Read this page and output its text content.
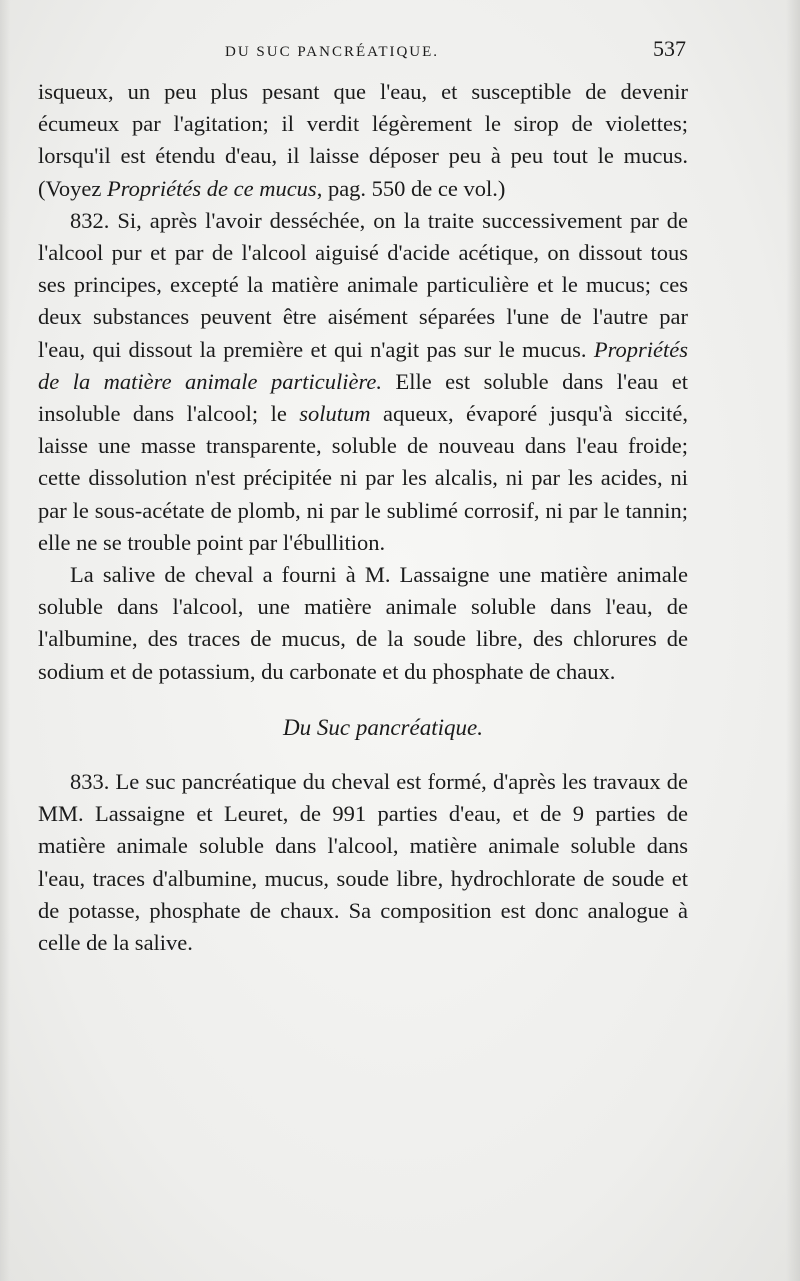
DU SUC PANCRÉATIQUE.	537

isqueux, un peu plus pesant que l'eau, et susceptible de devenir écumeux par l'agitation; il verdit légèrement le sirop de violettes; lorsqu'il est étendu d'eau, il laisse déposer peu à peu tout le mucus. (Voyez Propriétés de ce mucus, pag. 550 de ce vol.)

832. Si, après l'avoir desséchée, on la traite successivement par de l'alcool pur et par de l'alcool aiguisé d'acide acétique, on dissout tous ses principes, excepté la matière animale particulière et le mucus; ces deux substances peuvent être aisément séparées l'une de l'autre par l'eau, qui dissout la première et qui n'agit pas sur le mucus. Propriétés de la matière animale particulière. Elle est soluble dans l'eau et insoluble dans l'alcool; le solutum aqueux, évaporé jusqu'à siccité, laisse une masse transparente, soluble de nouveau dans l'eau froide; cette dissolution n'est précipitée ni par les alcalis, ni par les acides, ni par le sous-acétate de plomb, ni par le sublimé corrosif, ni par le tannin; elle ne se trouble point par l'ébullition.

La salive de cheval a fourni à M. Lassaigne une matière animale soluble dans l'alcool, une matière animale soluble dans l'eau, de l'albumine, des traces de mucus, de la soude libre, des chlorures de sodium et de potassium, du carbonate et du phosphate de chaux.

Du Suc pancréatique.

833. Le suc pancréatique du cheval est formé, d'après les travaux de MM. Lassaigne et Leuret, de 991 parties d'eau, et de 9 parties de matière animale soluble dans l'alcool, matière animale soluble dans l'eau, traces d'albumine, mucus, soude libre, hydrochlorate de soude et de potasse, phosphate de chaux. Sa composition est donc analogue à celle de la salive.
